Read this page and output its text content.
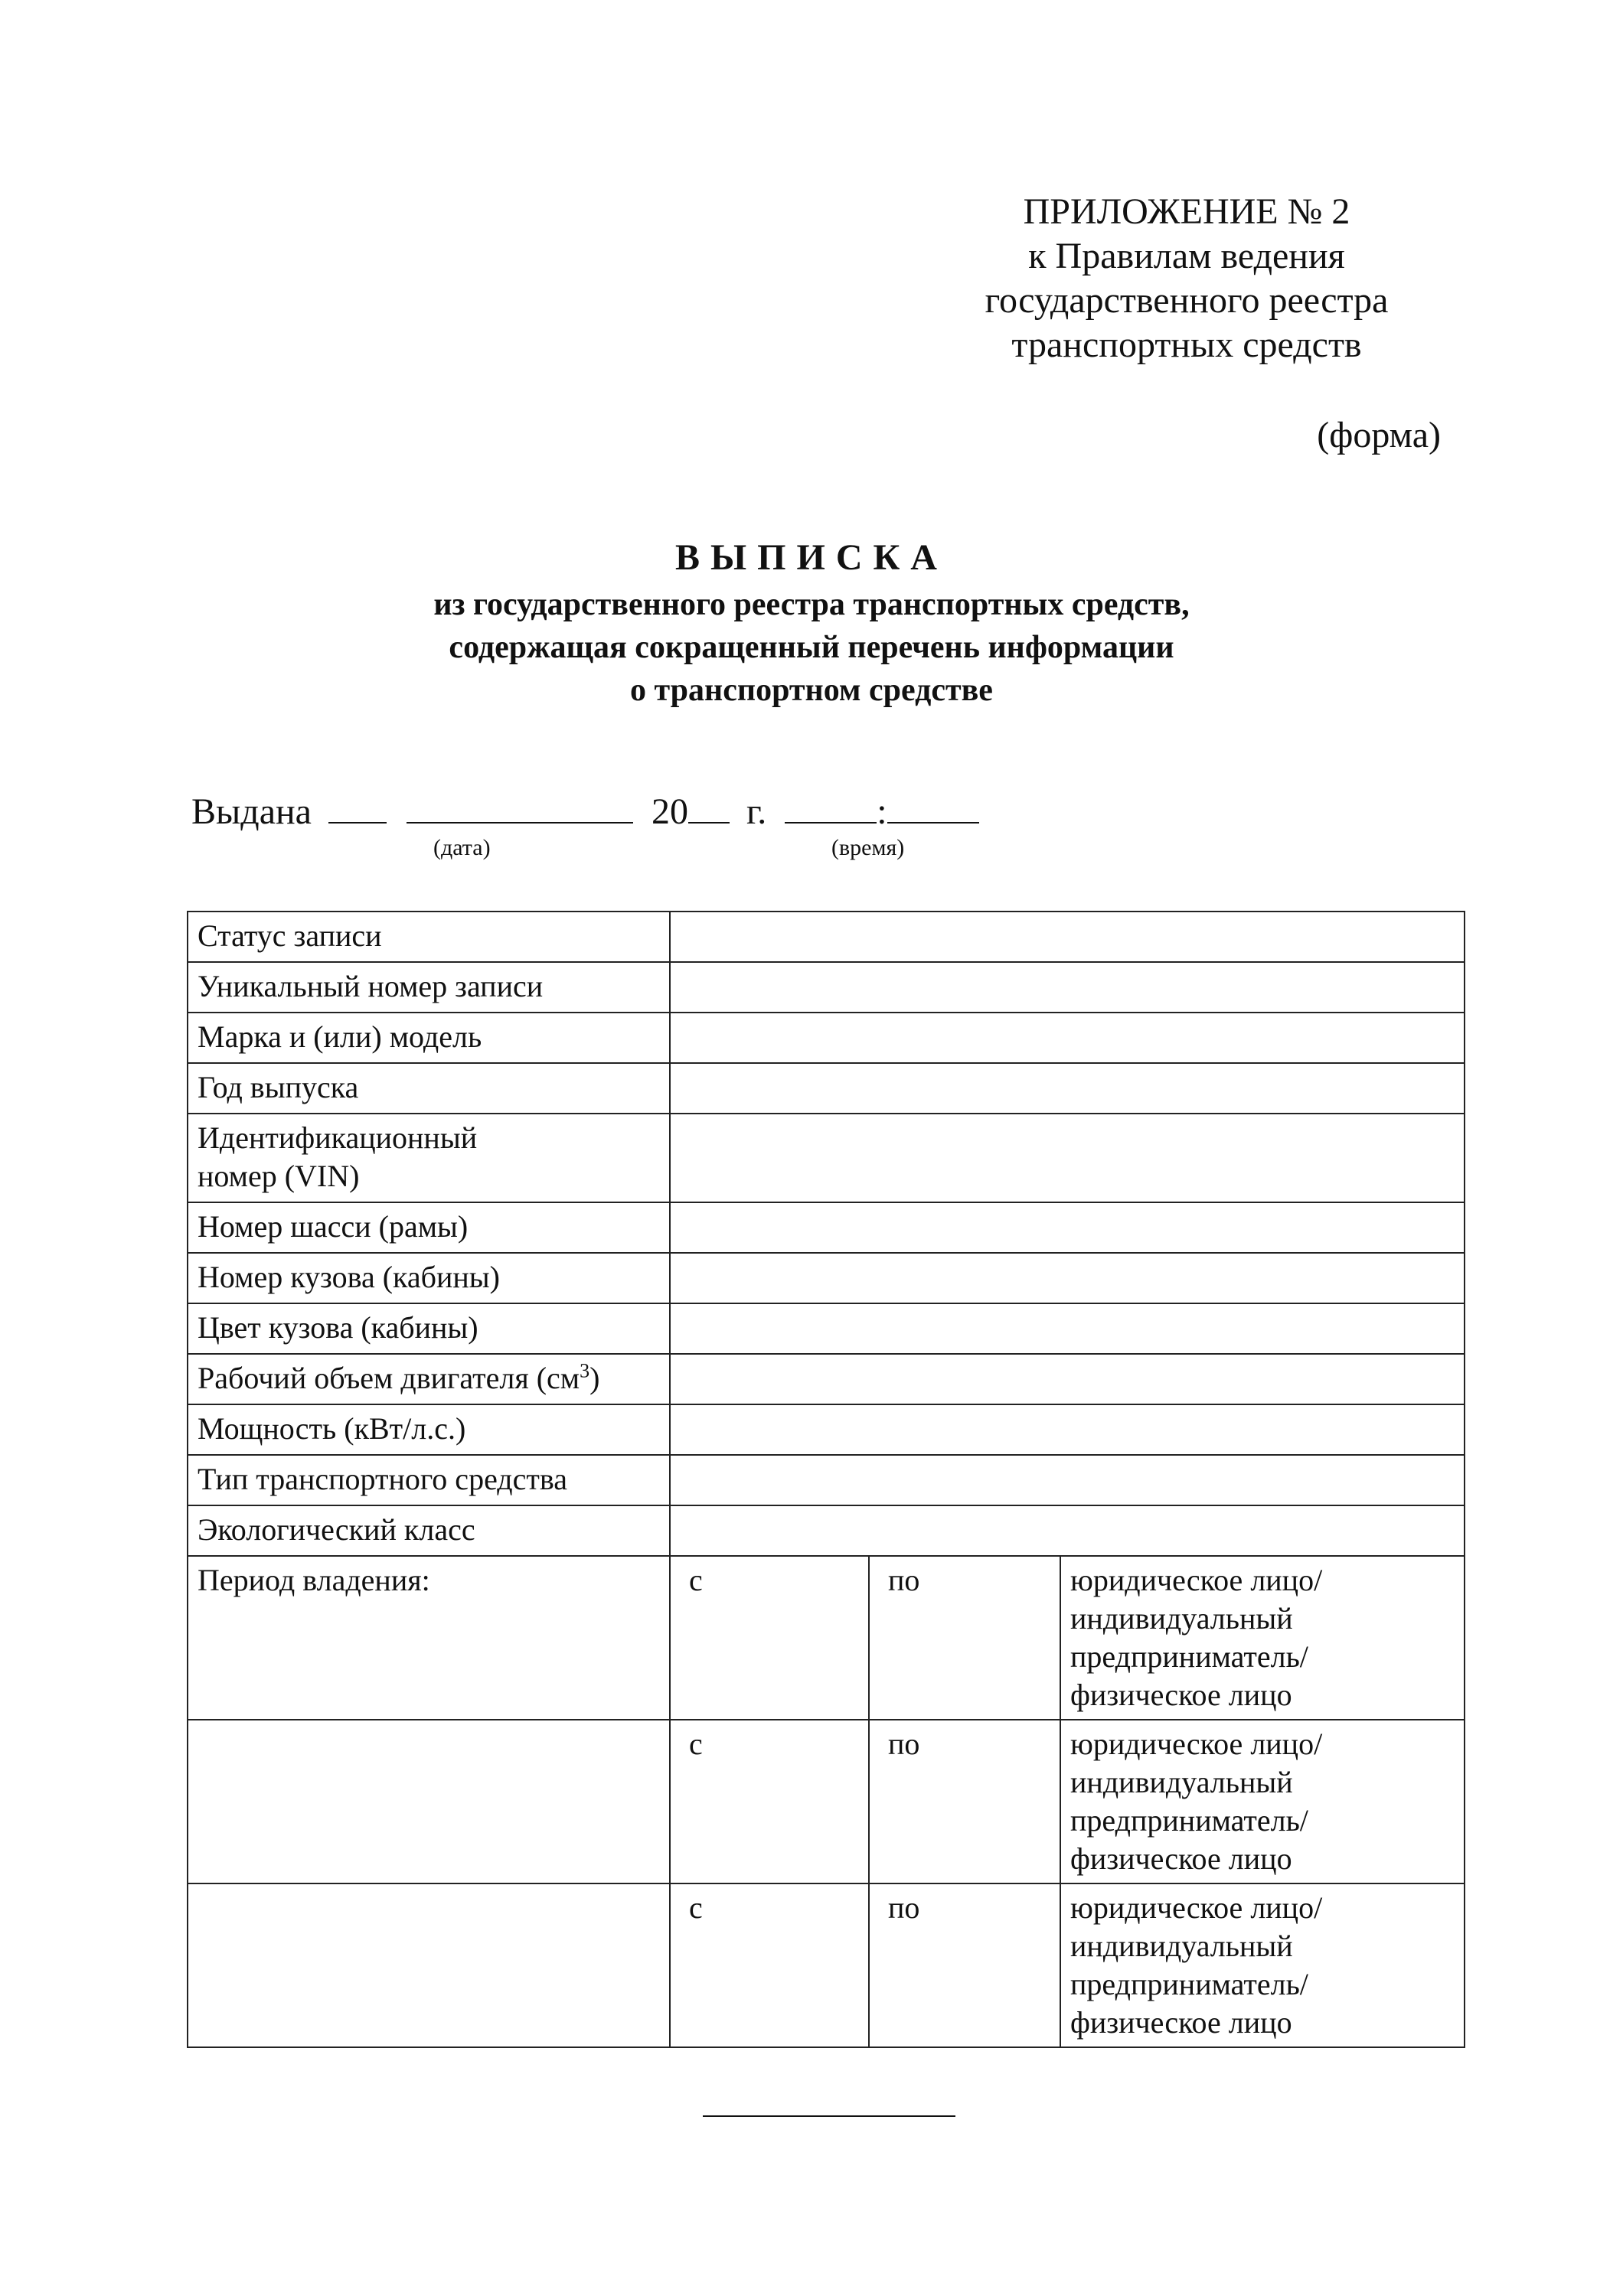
ПРИЛОЖЕНИЕ № 2
к Правилам ведения
государственного реестра
транспортных средств
(форма)
ВЫПИСКА
из государственного реестра транспортных средств,
содержащая сокращенный перечень информации
о транспортном средстве
Выдана	20 г.	:
(дата)	(время)
Статус записи			
Уникальный номер записи			
Марка и (или) модель			
Год выпуска			
Идентификационный номер (VIN)			
Номер шасси (рамы)			
Номер кузова (кабины)			
Цвет кузова (кабины)			
Рабочий объем двигателя $(см^3)$			
Мощность (кВт/л.с.)			
Тип транспортного средства			
Экологический класс			
Период владения:	с	по	юридическое лицо/
индивидуальный
предприниматель/
физическое лицо

	с	по	юридическое лицо/
индивидуальный
предприниматель/
физическое лицо

	с	по	юридическое лицо/
индивидуальный
предприниматель/
физическое лицо
